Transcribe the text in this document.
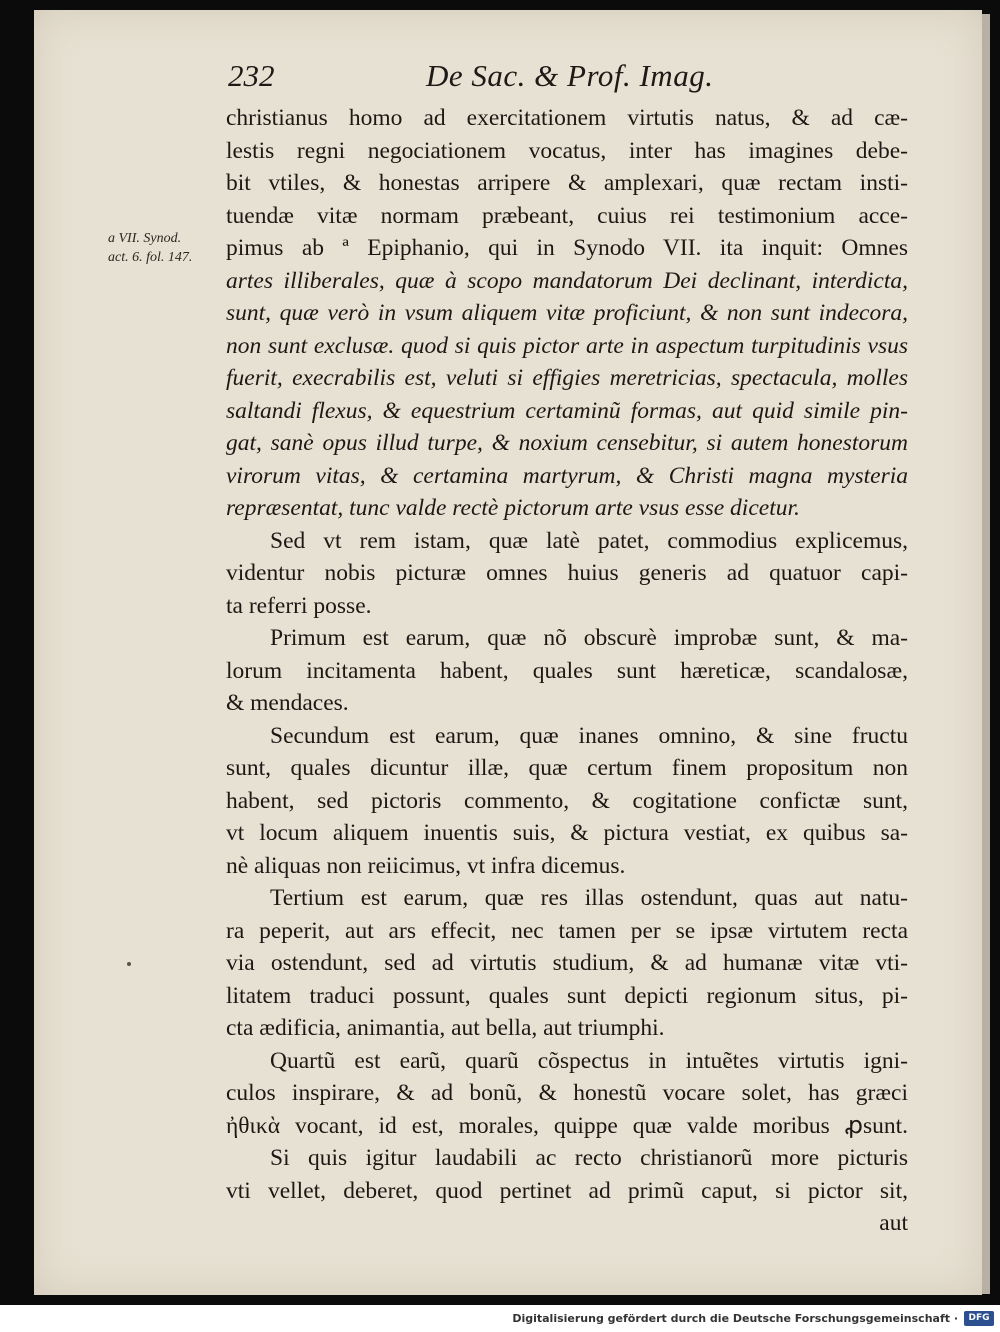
232	De Sac. & Prof. Imag.
a VII. Synod.
act. 6. fol. 147.
christianus homo ad exercitationem virtutis natus, & ad cæ-
lestis regni negociationem vocatus, inter has imagines debe-
bit vtiles, & honestas arripere & amplexari, quæ rectam insti-
tuendæ vitæ normam præbeant, cuius rei testimonium acce-
pimus ab ª Epiphanio, qui in Synodo VII. ita inquit: Omnes
artes illiberales, quæ à scopo mandatorum Dei declinant, interdicta,
sunt, quæ verò in vsum aliquem vitæ proficiunt, & non sunt indecora,
non sunt exclusæ. quod si quis pictor arte in aspectum turpitudinis vsus
fuerit, execrabilis est, veluti si effigies meretricias, spectacula, molles
saltandi flexus, & equestrium certaminũ formas, aut quid simile pin-
gat, sanè opus illud turpe, & noxium censebitur, si autem honestorum
virorum vitas, & certamina martyrum, & Christi magna mysteria
repræsentat, tunc valde rectè pictorum arte vsus esse dicetur.
Sed vt rem istam, quæ latè patet, commodius explicemus,
videntur nobis picturæ omnes huius generis ad quatuor capi-
ta referri posse.
Primum est earum, quæ nõ obscurè improbæ sunt, & ma-
lorum incitamenta habent, quales sunt hæreticæ, scandalosæ,
& mendaces.
Secundum est earum, quæ inanes omnino, & sine fructu
sunt, quales dicuntur illæ, quæ certum finem propositum non
habent, sed pictoris commento, & cogitatione confictæ sunt,
vt locum aliquem inuentis suis, & pictura vestiat, ex quibus sa-
nè aliquas non reiicimus, vt infra dicemus.
Tertium est earum, quæ res illas ostendunt, quas aut natu-
ra peperit, aut ars effecit, nec tamen per se ipsæ virtutem recta
via ostendunt, sed ad virtutis studium, & ad humanæ vitæ vti-
litatem traduci possunt, quales sunt depicti regionum situs, pi-
cta ædificia, animantia, aut bella, aut triumphi.
Quartũ est earũ, quarũ cõspectus in intuẽtes virtutis igni-
culos inspirare, & ad bonũ, & honestũ vocare solet, has græci
ἠθικὰ vocant, id est, morales, quippe quæ valde moribus ꝓsunt.
Si quis igitur laudabili ac recto christianorũ more picturis
vti vellet, deberet, quod pertinet ad primũ caput, si pictor sit,
aut
Digitalisierung gefördert durch die Deutsche Forschungsgemeinschaft ·	DFG
